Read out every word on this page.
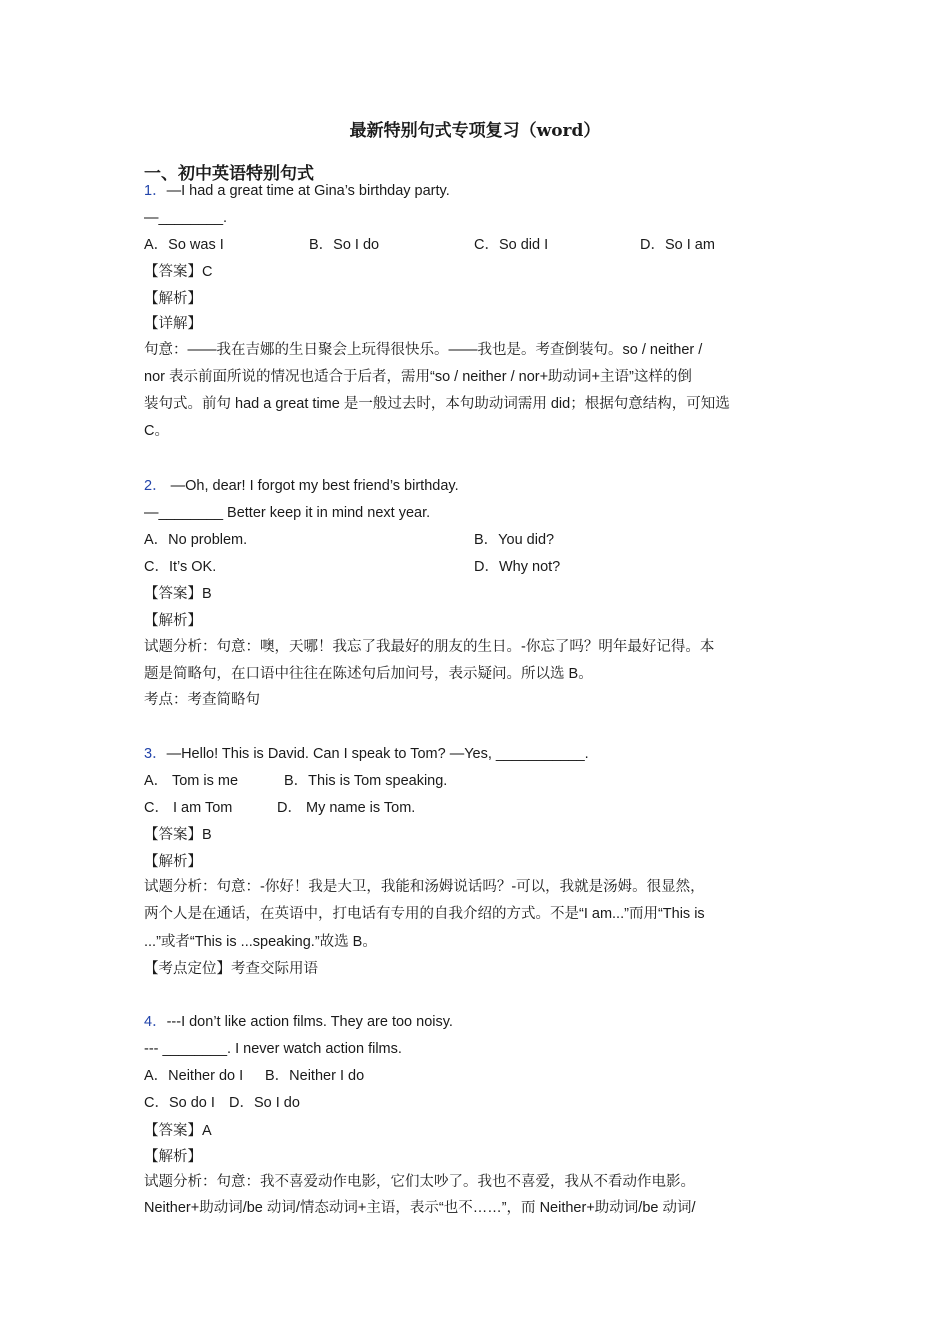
最新特别句式专项复习（word）
一、初中英语特别句式
1．—I had a great time at Gina’s birthday party.
—________.
A．So was I	B．So I do	C．So did I	D．So I am
【答案】C
【解析】
【详解】
句意：——我在吉娜的生日聚会上玩得很快乐。——我也是。考查倒装句。so / neither /
nor 表示前面所说的情况也适合于后者，需用“so / neither / nor+助动词+主语”这样的倒
装句式。前句 had a great time 是一般过去时，本句助动词需用 did；根据句意结构，可知选
C。
2． —Oh, dear! I forgot my best friend’s birthday.
—________ Better keep it in mind next year.
A．No problem.	B．You did?
C．It’s OK.	D．Why not?
【答案】B
【解析】
试题分析：句意：噢，天哪！我忘了我最好的朋友的生日。-你忘了吗？明年最好记得。本
题是简略句，在口语中往往在陈述句后加问号，表示疑问。所以选 B。
考点：考查简略句
3．—Hello! This is David. Can I speak to Tom? —Yes, ___________.
A． Tom is me	B．This is Tom speaking.
C． I am Tom	D． My name is Tom.
【答案】B
【解析】
试题分析：句意：-你好！我是大卫，我能和汤姆说话吗？-可以，我就是汤姆。很显然，
两个人是在通话，在英语中，打电话有专用的自我介绍的方式。不是“I am...”而用“This is
...”或者“This is ...speaking.”故选 B。
【考点定位】考查交际用语
4．---I don’t like action films. They are too noisy.
--- ________. I never watch action films.
A．Neither do I B．Neither I do
C．So do I D．So I do
【答案】A
【解析】
试题分析：句意：我不喜爱动作电影，它们太吵了。我也不喜爱，我从不看动作电影。
Neither+助动词/be 动词/情态动词+主语，表示“也不……”，而 Neither+助动词/be 动词/
